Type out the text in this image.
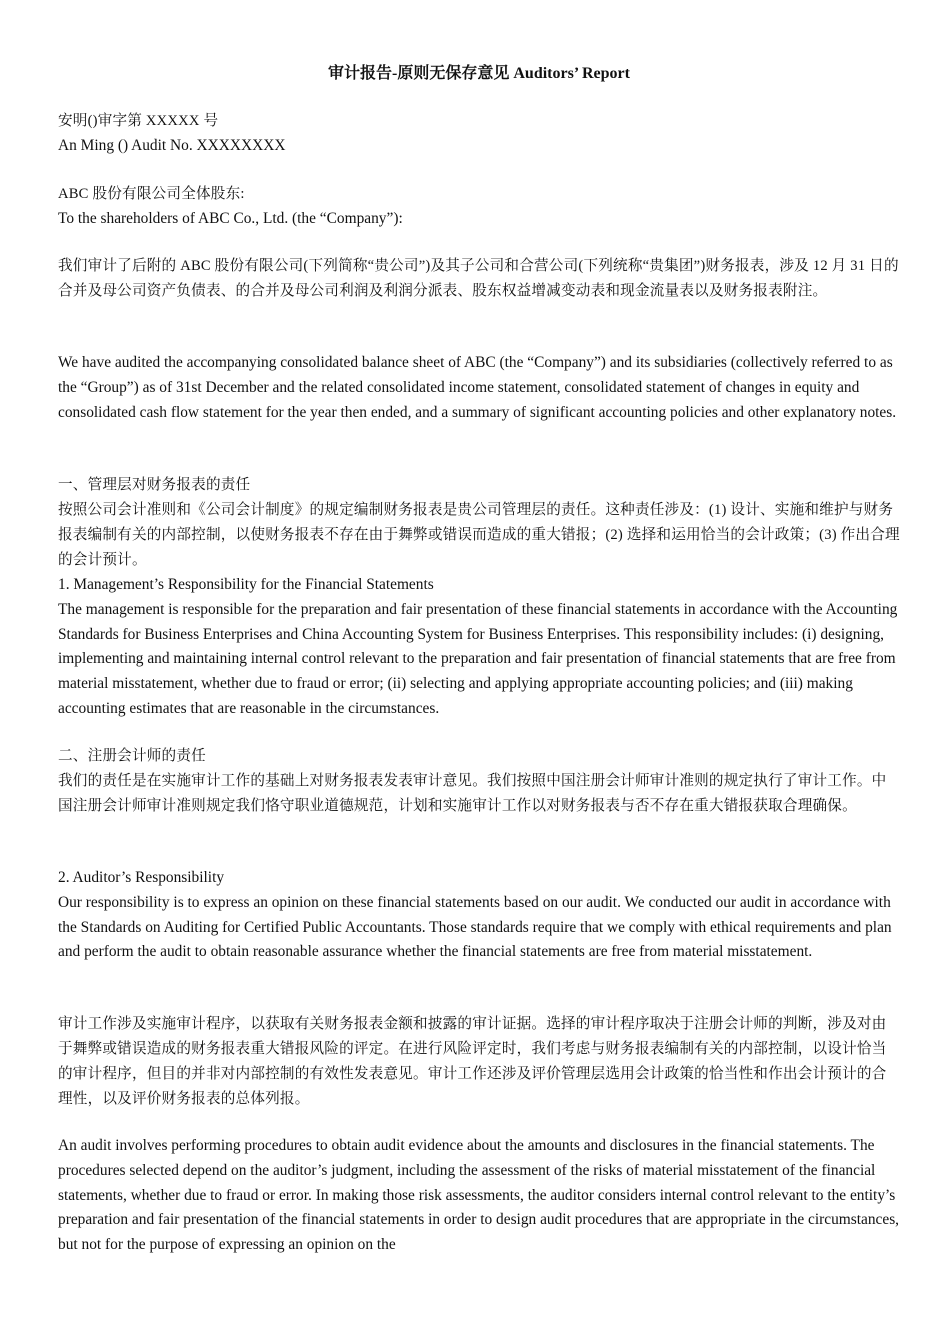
审计报告-原则无保存意见 Auditors’ Report

安明()审字第 XXXXX 号

An Ming () Audit No. XXXXXXXX

ABC 股份有限公司全体股东:

To the shareholders of ABC Co., Ltd. (the “Company”):

我们审计了后附的 ABC 股份有限公司(下列简称“贵公司”)及其子公司和合营公司(下列统称“贵集团”)财务报表，涉及 12 月 31 日的合并及母公司资产负债表、的合并及母公司利润及利润分派表、股东权益增减变动表和现金流量表以及财务报表附注。

We have audited the accompanying consolidated balance sheet of ABC (the “Company”) and its subsidiaries (collectively referred to as the “Group”) as of 31st December and the related consolidated income statement, consolidated statement of changes in equity and consolidated cash flow statement for the year then ended, and a summary of significant accounting policies and other explanatory notes.

一、管理层对财务报表的责任

按照公司会计准则和《公司会计制度》的规定编制财务报表是贵公司管理层的责任。这种责任涉及：(1) 设计、实施和维护与财务报表编制有关的内部控制，以使财务报表不存在由于舞弊或错误而造成的重大错报；(2) 选择和运用恰当的会计政策；(3) 作出合理的会计预计。

1. Management’s Responsibility for the Financial Statements

The management is responsible for the preparation and fair presentation of these financial statements in accordance with the Accounting Standards for Business Enterprises and China Accounting System for Business Enterprises. This responsibility includes: (i) designing, implementing and maintaining internal control relevant to the preparation and fair presentation of financial statements that are free from material misstatement, whether due to fraud or error; (ii) selecting and applying appropriate accounting policies; and (iii) making accounting estimates that are reasonable in the circumstances.

二、注册会计师的责任

我们的责任是在实施审计工作的基础上对财务报表发表审计意见。我们按照中国注册会计师审计准则的规定执行了审计工作。中国注册会计师审计准则规定我们恪守职业道德规范，计划和实施审计工作以对财务报表与否不存在重大错报获取合理确保。

2. Auditor’s Responsibility

Our responsibility is to express an opinion on these financial statements based on our audit. We conducted our audit in accordance with the Standards on Auditing for Certified Public Accountants. Those standards require that we comply with ethical requirements and plan and perform the audit to obtain reasonable assurance whether the financial statements are free from material misstatement.

审计工作涉及实施审计程序，以获取有关财务报表金额和披露的审计证据。选择的审计程序取决于注册会计师的判断，涉及对由于舞弊或错误造成的财务报表重大错报风险的评定。在进行风险评定时，我们考虑与财务报表编制有关的内部控制，以设计恰当的审计程序，但目的并非对内部控制的有效性发表意见。审计工作还涉及评价管理层选用会计政策的恰当性和作出会计预计的合理性，以及评价财务报表的总体列报。

An audit involves performing procedures to obtain audit evidence about the amounts and disclosures in the financial statements. The procedures selected depend on the auditor’s judgment, including the assessment of the risks of material misstatement of the financial statements, whether due to fraud or error. In making those risk assessments, the auditor considers internal control relevant to the entity’s preparation and fair presentation of the financial statements in order to design audit procedures that are appropriate in the circumstances, but not for the purpose of expressing an opinion on the
